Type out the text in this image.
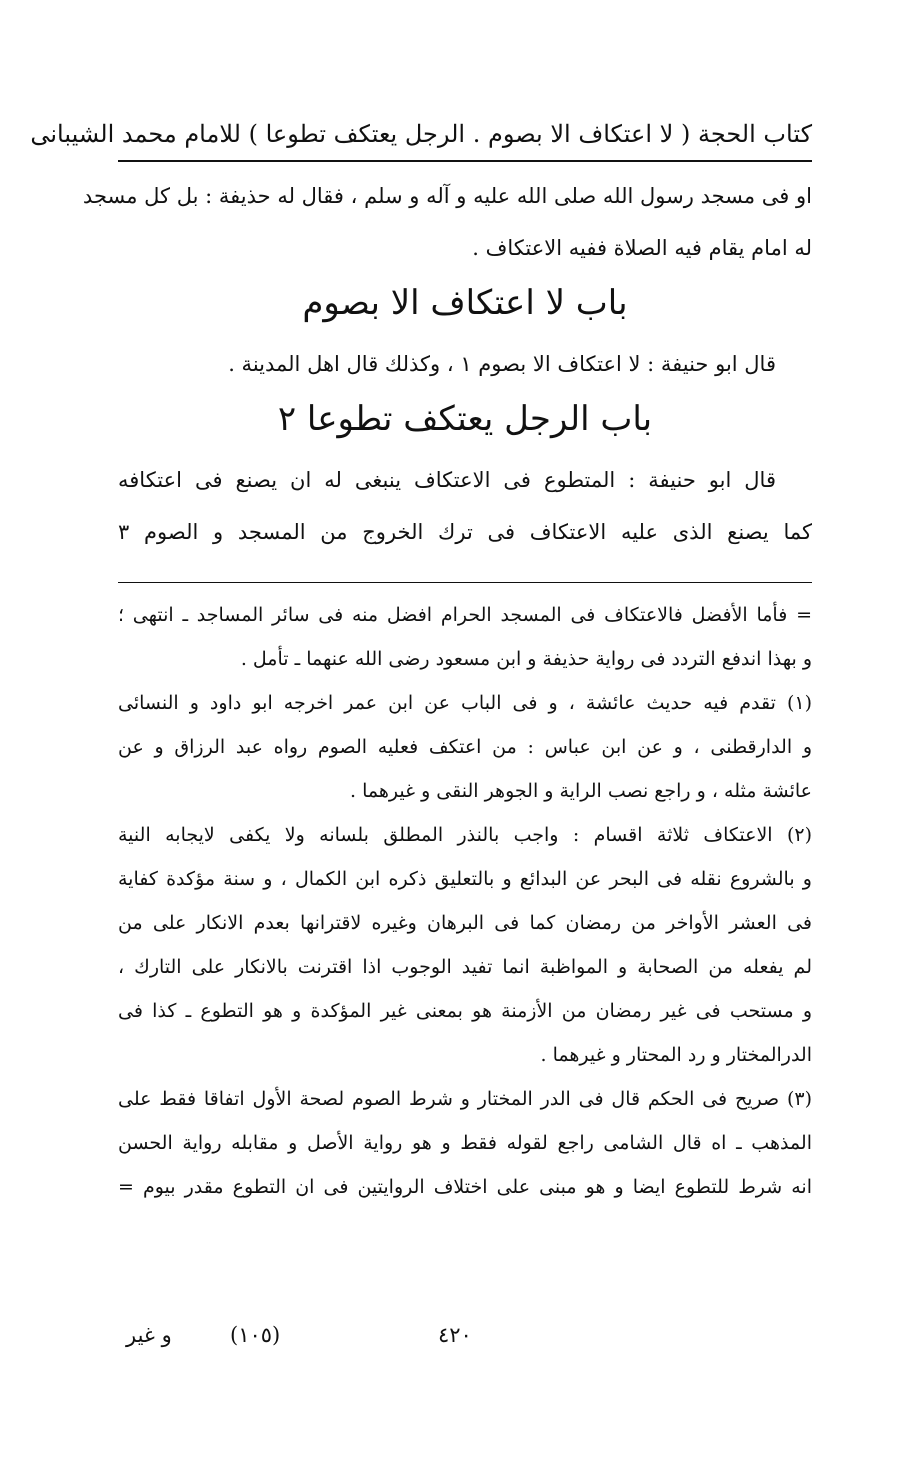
كتاب الحجة ( لا اعتكاف الا بصوم . الرجل يعتكف تطوعا ) للامام محمد الشيبانى
او فى مسجد رسول الله صلى الله عليه و آله و سلم ، فقال له حذيفة : بل كل مسجد
له امام يقام فيه الصلاة ففيه الاعتكاف .
باب لا اعتكاف الا بصوم
قال ابو حنيفة : لا اعتكاف الا بصوم ١ ، وكذلك قال اهل المدينة .
باب الرجل يعتكف تطوعا ٢
قال ابو حنيفة : المتطوع فى الاعتكاف ينبغى له ان يصنع فى اعتكافه
كما يصنع الذى عليه الاعتكاف فى ترك الخروج من المسجد و الصوم ٣
= فأما الأفضل فالاعتكاف فى المسجد الحرام افضل منه فى سائر المساجد ـ انتهى ؛
و بهذا اندفع التردد فى رواية حذيفة و ابن مسعود رضى الله عنهما ـ تأمل .
(١) تقدم فيه حديث عائشة ، و فى الباب عن ابن عمر اخرجه ابو داود و النسائى
و الدارقطنى ، و عن ابن عباس : من اعتكف فعليه الصوم رواه عبد الرزاق و عن
عائشة مثله ، و راجع نصب الراية و الجوهر النقى و غيرهما .
(٢) الاعتكاف ثلاثة اقسام : واجب بالنذر المطلق بلسانه ولا يكفى لايجابه النية
و بالشروع نقله فى البحر عن البدائع و بالتعليق ذكره ابن الكمال ، و سنة مؤكدة كفاية
فى العشر الأواخر من رمضان كما فى البرهان وغيره لاقترانها بعدم الانكار على من
لم يفعله من الصحابة و المواظبة انما تفيد الوجوب اذا اقترنت بالانكار على التارك ،
و مستحب فى غير رمضان من الأزمنة هو بمعنى غير المؤكدة و هو التطوع ـ كذا فى
الدرالمختار و رد المحتار و غيرهما .
(٣) صريح فى الحكم قال فى الدر المختار و شرط الصوم لصحة الأول اتفاقا فقط على
المذهب ـ اه قال الشامى راجع لقوله فقط و هو رواية الأصل و مقابله رواية الحسن
انه شرط للتطوع ايضا و هو مبنى على اختلاف الروايتين فى ان التطوع مقدر بيوم =
٤٢٠
(١٠٥)
و غير
